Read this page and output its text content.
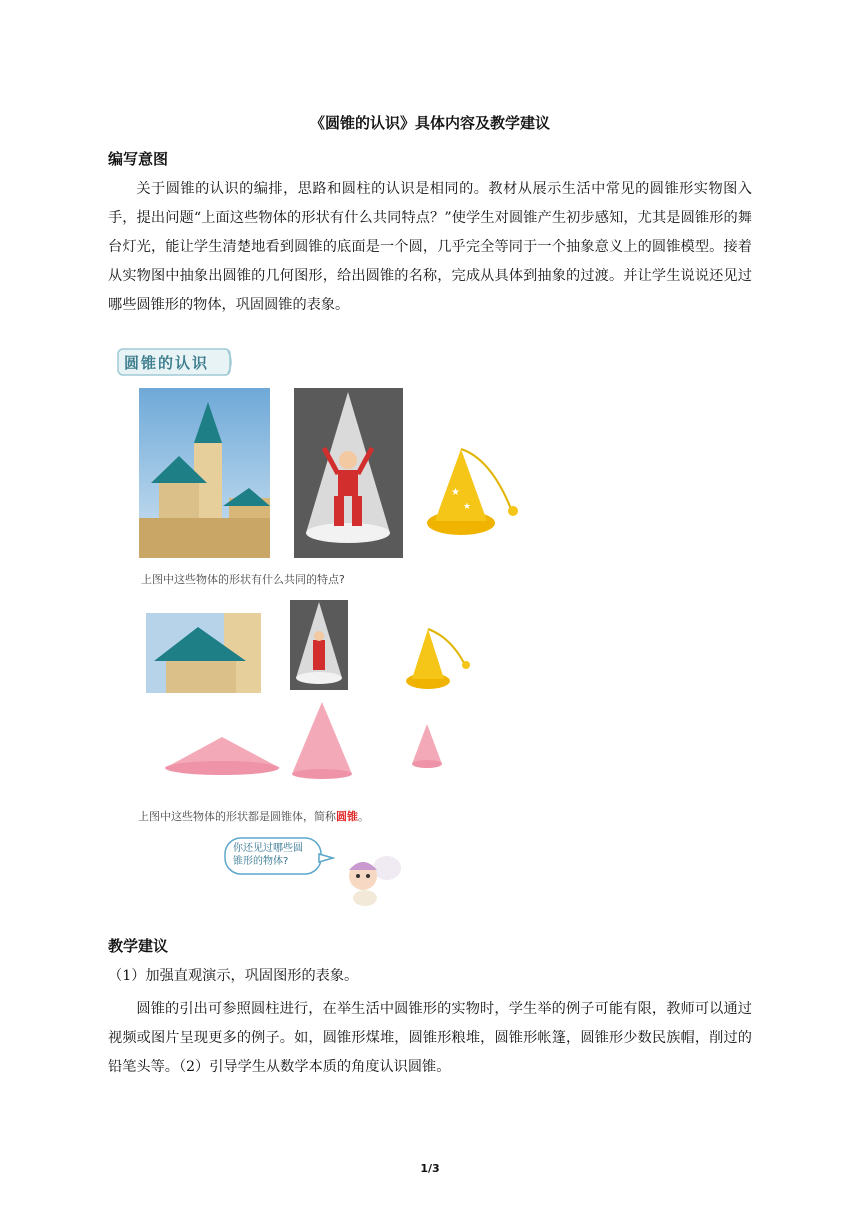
《圆锥的认识》具体内容及教学建议
编写意图
关于圆锥的认识的编排，思路和圆柱的认识是相同的。教材从展示生活中常见的圆锥形实物图入手，提出问题“上面这些物体的形状有什么共同特点？”使学生对圆锥产生初步感知，尤其是圆锥形的舞台灯光，能让学生清楚地看到圆锥的底面是一个圆，几乎完全等同于一个抽象意义上的圆锥模型。接着从实物图中抽象出圆锥的几何图形，给出圆锥的名称，完成从具体到抽象的过渡。并让学生说说还见过哪些圆锥形的物体，巩固圆锥的表象。
圆锥的认识
★
★
上图中这些物体的形状有什么共同的特点?
上图中这些物体的形状都是圆锥体，简称圆锥。
你还见过哪些圆锥形的物体?
教学建议
（1）加强直观演示，巩固图形的表象。
圆锥的引出可参照圆柱进行，在举生活中圆锥形的实物时，学生举的例子可能有限，教师可以通过视频或图片呈现更多的例子。如，圆锥形煤堆，圆锥形粮堆，圆锥形帐篷，圆锥形少数民族帽，削过的铅笔头等。（2）引导学生从数学本质的角度认识圆锥。
1/3
